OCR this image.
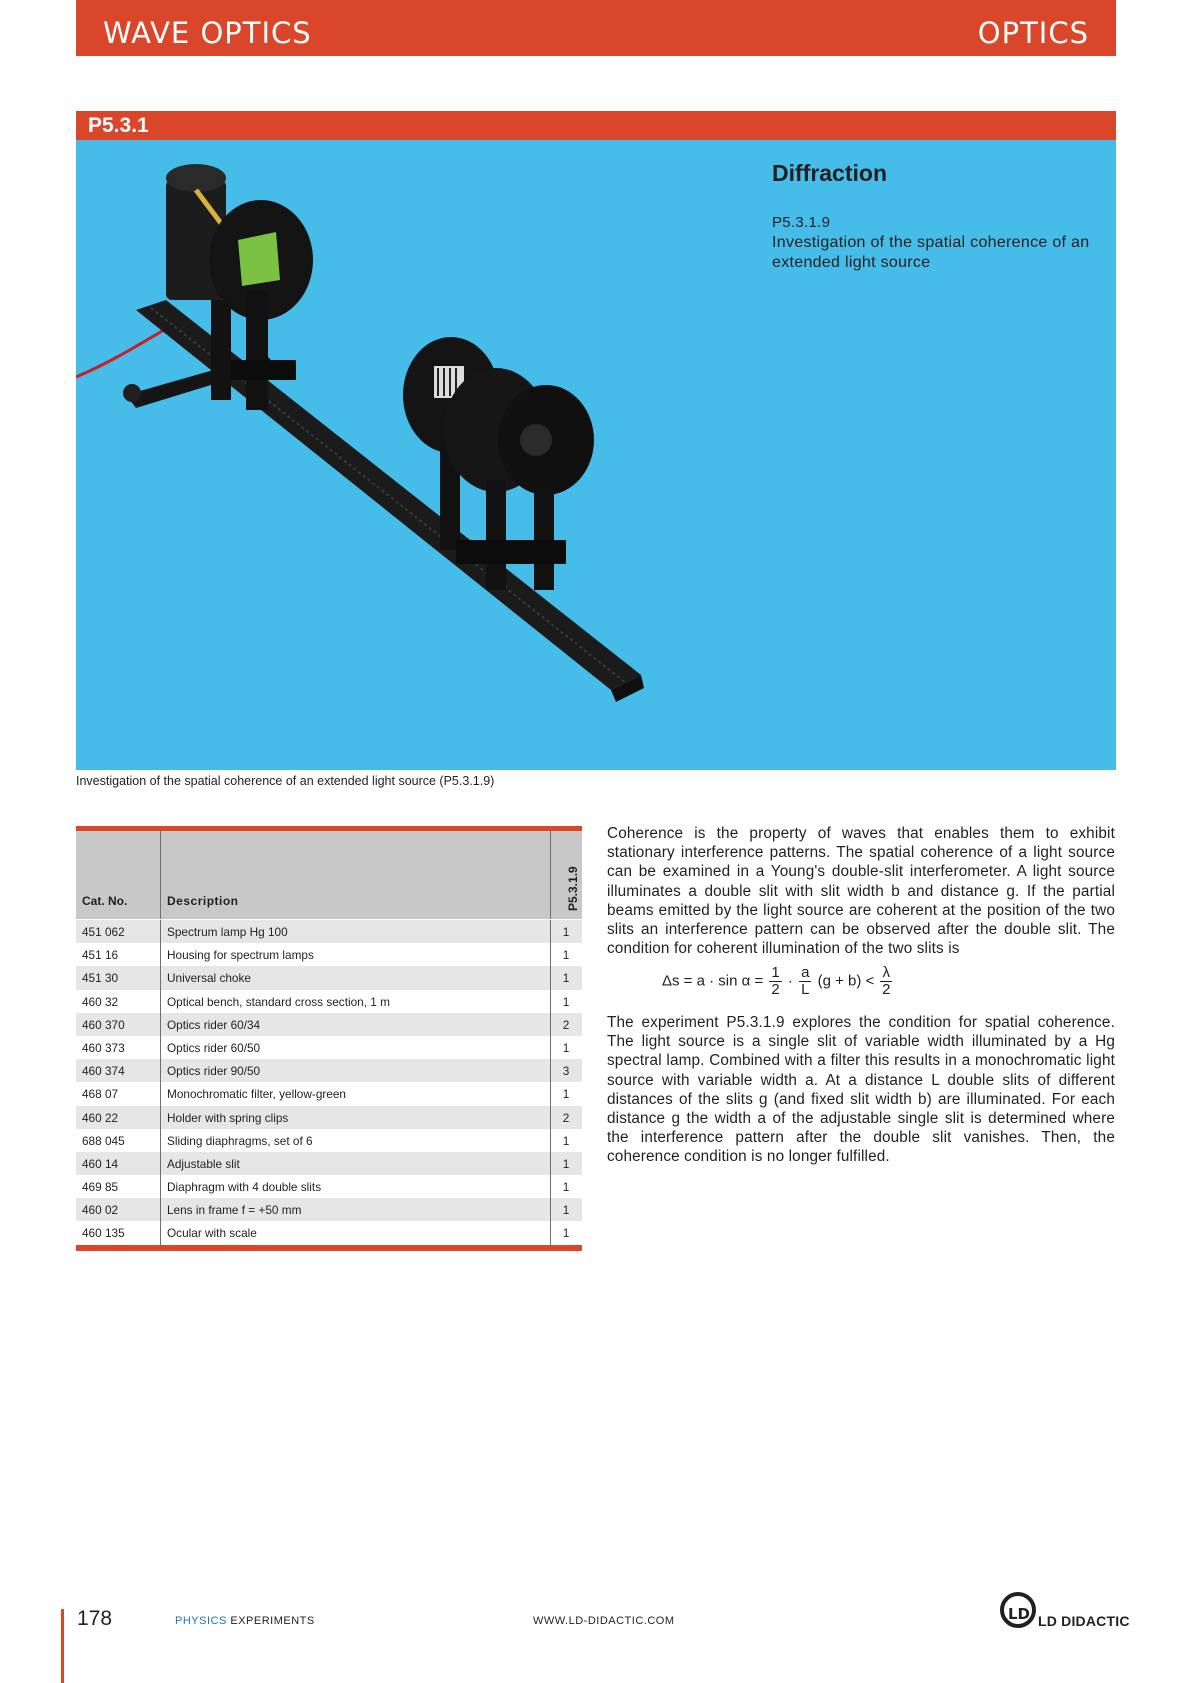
WAVE OPTICS	OPTICS
P5.3.1
Diffraction
P5.3.1.9
Investigation of the spatial coherence of an extended light source
Investigation of the spatial coherence of an extended light source (P5.3.1.9)
Cat. No.	Description	P5.3.1.9
451 062	Spectrum lamp Hg 100	1
451 16	Housing for spectrum lamps	1
451 30	Universal choke	1
460 32	Optical bench, standard cross section, 1 m	1
460 370	Optics rider 60/34	2
460 373	Optics rider 60/50	1
460 374	Optics rider 90/50	3
468 07	Monochromatic filter, yellow-green	1
460 22	Holder with spring clips	2
688 045	Sliding diaphragms, set of 6	1
460 14	Adjustable slit	1
469 85	Diaphragm with 4 double slits	1
460 02	Lens in frame f = +50 mm	1
460 135	Ocular with scale	1
Coherence is the property of waves that enables them to exhibit stationary interference patterns. The spatial coherence of a light source can be examined in a Young's double-slit interferometer. A light source illuminates a double slit with slit width b and distance g. If the partial beams emitted by the light source are coherent at the position of the two slits an interference pattern can be observed after the double slit. The condition for coherent illumination of the two slits is
$\Delta s = a \cdot \sin \alpha = \frac{1}{2} \cdot \frac{a}{L} (g + b) < \frac{\lambda}{2}$
The experiment P5.3.1.9 explores the condition for spatial coherence. The light source is a single slit of variable width illuminated by a Hg spectral lamp. Combined with a filter this results in a monochromatic light source with variable width a. At a distance L double slits of different distances of the slits g (and fixed slit width b) are illuminated. For each distance g the width a of the adjustable single slit is determined where the interference pattern after the double slit vanishes. Then, the coherence condition is no longer fulfilled.
178	PHYSICS EXPERIMENTS	WWW.LD-DIDACTIC.COM	LD LD DIDACTIC
